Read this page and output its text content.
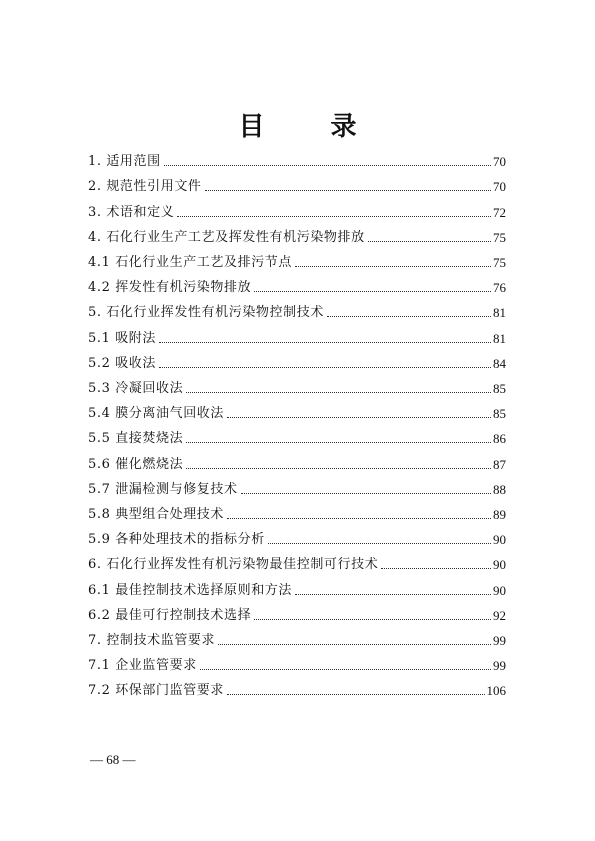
目　录
1. 适用范围	70
2. 规范性引用文件	70
3. 术语和定义	72
4. 石化行业生产工艺及挥发性有机污染物排放	75
4.1 石化行业生产工艺及排污节点	75
4.2 挥发性有机污染物排放	76
5. 石化行业挥发性有机污染物控制技术	81
5.1 吸附法	81
5.2 吸收法	84
5.3 冷凝回收法	85
5.4 膜分离油气回收法	85
5.5 直接焚烧法	86
5.6 催化燃烧法	87
5.7 泄漏检测与修复技术	88
5.8 典型组合处理技术	89
5.9 各种处理技术的指标分析	90
6. 石化行业挥发性有机污染物最佳控制可行技术	90
6.1 最佳控制技术选择原则和方法	90
6.2 最佳可行控制技术选择	92
7. 控制技术监管要求	99
7.1 企业监管要求	99
7.2 环保部门监管要求	106
— 68 —
